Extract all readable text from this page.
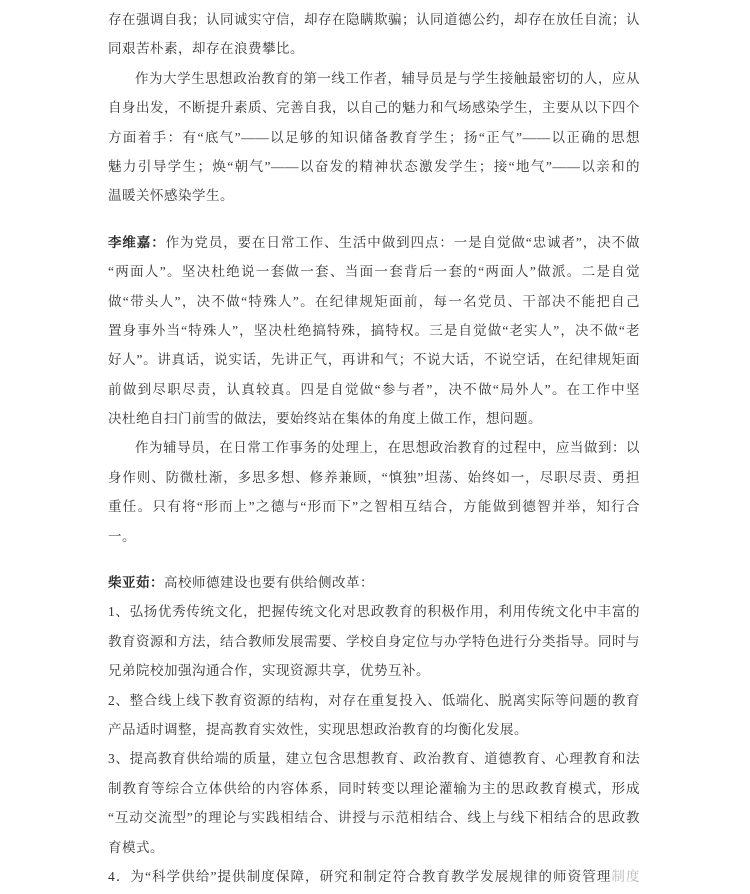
存在强调自我；认同诚实守信，却存在隐瞒欺骗；认同道德公约，却存在放任自流；认
同艰苦朴素，却存在浪费攀比。
作为大学生思想政治教育的第一线工作者，辅导员是与学生接触最密切的人，应从
自身出发，不断提升素质、完善自我，以自己的魅力和气场感染学生，主要从以下四个
方面着手：有“底气”——以足够的知识储备教育学生；扬“正气”——以正确的思想
魅力引导学生；焕“朝气”——以奋发的精神状态激发学生；接“地气”——以亲和的
温暖关怀感染学生。
李维嘉：作为党员，要在日常工作、生活中做到四点：一是自觉做“忠诚者”，决不做
“两面人”。坚决杜绝说一套做一套、当面一套背后一套的“两面人”做派。二是自觉
做“带头人”，决不做“特殊人”。在纪律规矩面前，每一名党员、干部决不能把自己
置身事外当“特殊人”，坚决杜绝搞特殊，搞特权。三是自觉做“老实人”，决不做“老
好人”。讲真话，说实话，先讲正气，再讲和气；不说大话，不说空话，在纪律规矩面
前做到尽职尽责，认真较真。四是自觉做“参与者”，决不做“局外人”。在工作中坚
决杜绝自扫门前雪的做法，要始终站在集体的角度上做工作，想问题。
作为辅导员，在日常工作事务的处理上，在思想政治教育的过程中，应当做到：以
身作则、防微杜渐，多思多想、修养兼顾，“慎独”坦荡、始终如一，尽职尽责、勇担
重任。只有将“形而上”之德与“形而下”之智相互结合，方能做到德智并举，知行合
一。
柴亚茹：高校师德建设也要有供给侧改革：
1、弘扬优秀传统文化，把握传统文化对思政教育的积极作用，利用传统文化中丰富的
教育资源和方法，结合教师发展需要、学校自身定位与办学特色进行分类指导。同时与
兄弟院校加强沟通合作，实现资源共享，优势互补。
2、整合线上线下教育资源的结构，对存在重复投入、低端化、脱离实际等问题的教育
产品适时调整，提高教育实效性，实现思想政治教育的均衡化发展。
3、提高教育供给端的质量，建立包含思想教育、政治教育、道德教育、心理教育和法
制教育等综合立体供给的内容体系，同时转变以理论灌输为主的思政教育模式，形成
“互动交流型”的理论与实践相结合、讲授与示范相结合、线上与线下相结合的思政教
育模式。
4．为“科学供给”提供制度保障，研究和制定符合教育教学发展规律的师资管理制度
